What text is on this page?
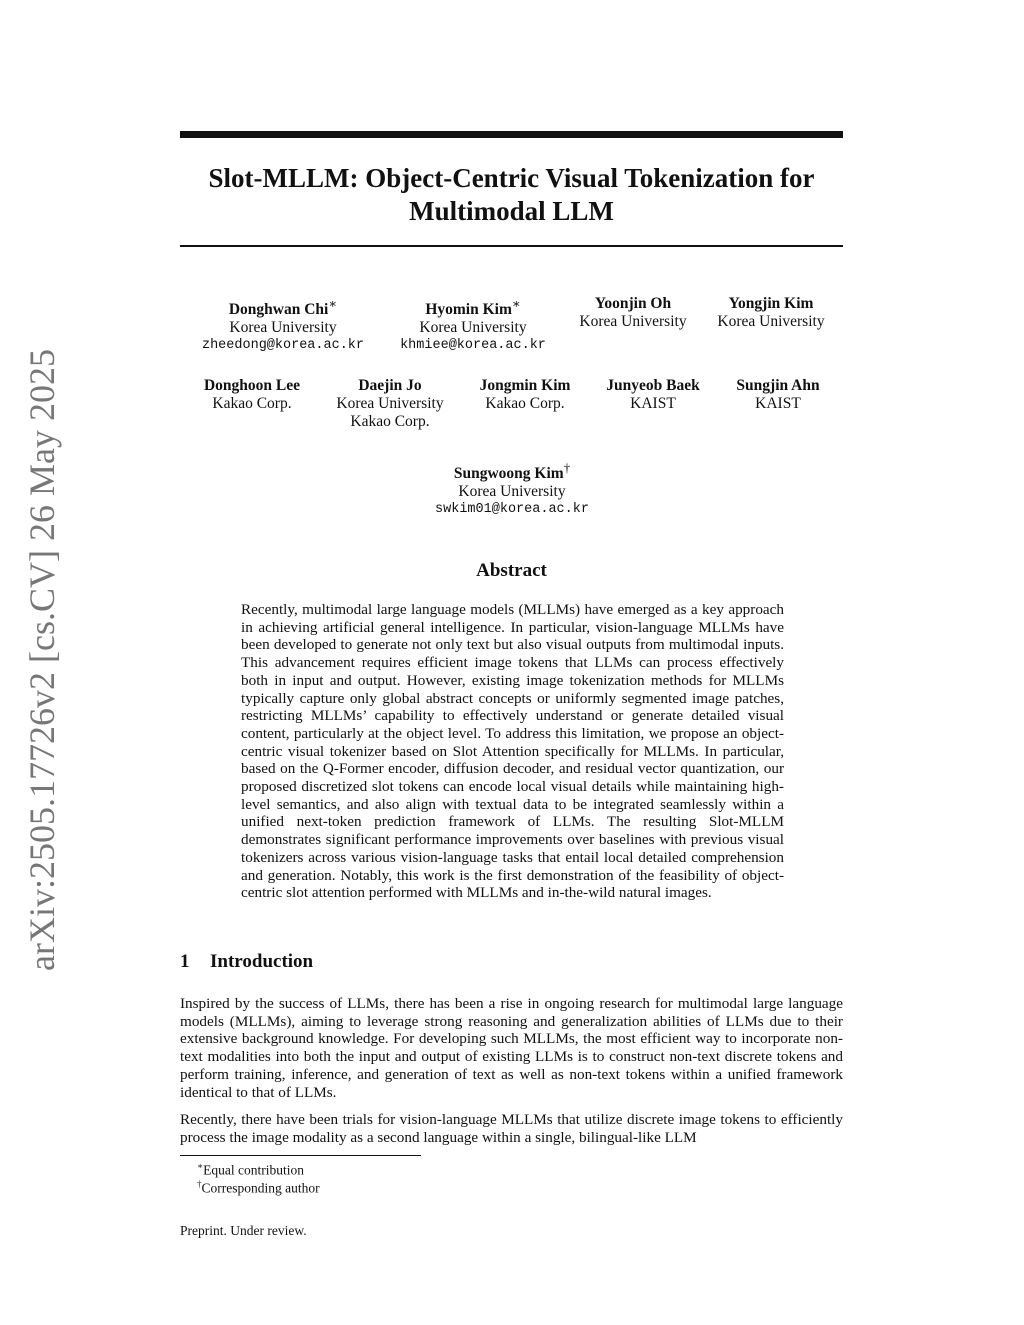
arXiv:2505.17726v2 [cs.CV] 26 May 2025
Slot-MLLM: Object-Centric Visual Tokenization for Multimodal LLM
Donghwan Chi∗
Korea University
zheedong@korea.ac.kr
Hyomin Kim∗
Korea University
khmiee@korea.ac.kr
Yoonjin Oh
Korea University
Yongjin Kim
Korea University
Donghoon Lee
Kakao Corp.
Daejin Jo
Korea University
Kakao Corp.
Jongmin Kim
Kakao Corp.
Junyeob Baek
KAIST
Sungjin Ahn
KAIST
Sungwoong Kim†
Korea University
swkim01@korea.ac.kr
Abstract

Recently, multimodal large language models (MLLMs) have emerged as a key approach in achieving artificial general intelligence. In particular, vision-language MLLMs have been developed to generate not only text but also visual outputs from multimodal inputs. This advancement requires efficient image tokens that LLMs can process effectively both in input and output. However, existing image tokenization methods for MLLMs typically capture only global abstract concepts or uniformly segmented image patches, restricting MLLMs’ capability to effectively understand or generate detailed visual content, particularly at the object level. To address this limitation, we propose an object-centric visual tokenizer based on Slot Attention specifically for MLLMs. In particular, based on the Q-Former encoder, diffusion decoder, and residual vector quantization, our proposed discretized slot tokens can encode local visual details while maintaining high-level semantics, and also align with textual data to be integrated seamlessly within a unified next-token prediction framework of LLMs. The resulting Slot-MLLM demonstrates significant performance improvements over baselines with previous visual tokenizers across various vision-language tasks that entail local detailed comprehension and generation. Notably, this work is the first demonstration of the feasibility of object-centric slot attention performed with MLLMs and in-the-wild natural images.

1 Introduction

Inspired by the success of LLMs, there has been a rise in ongoing research for multimodal large language models (MLLMs), aiming to leverage strong reasoning and generalization abilities of LLMs due to their extensive background knowledge. For developing such MLLMs, the most efficient way to incorporate non-text modalities into both the input and output of existing LLMs is to construct non-text discrete tokens and perform training, inference, and generation of text as well as non-text tokens within a unified framework identical to that of LLMs.

Recently, there have been trials for vision-language MLLMs that utilize discrete image tokens to efficiently process the image modality as a second language within a single, bilingual-like LLM

∗Equal contribution
†Corresponding author
Preprint. Under review.
